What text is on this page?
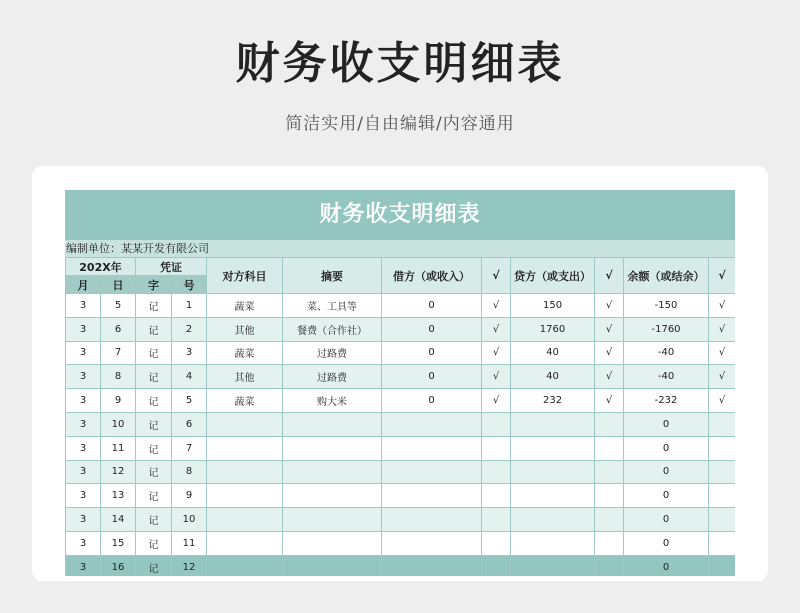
财务收支明细表
简洁实用/自由编辑/内容通用
财务收支明细表
编制单位：某某开发有限公司
202X年		凭证		对方科目	摘要	借方（或收入）	√	贷方（或支出）	√	余额（或结余）	√
月	日	字	号								
3	5	记	1	蔬菜	菜、工具等	0	√	150	√	-150	√
3	6	记	2	其他	餐费（合作社）	0	√	1760	√	-1760	√
3	7	记	3	蔬菜	过路费	0	√	40	√	-40	√
3	8	记	4	其他	过路费	0	√	40	√	-40	√
3	9	记	5	蔬菜	购大米	0	√	232	√	-232	√
3	10	记	6							0	
3	11	记	7							0	
3	12	记	8							0	
3	13	记	9							0	
3	14	记	10							0	
3	15	记	11							0	
3	16	记	12							0	
